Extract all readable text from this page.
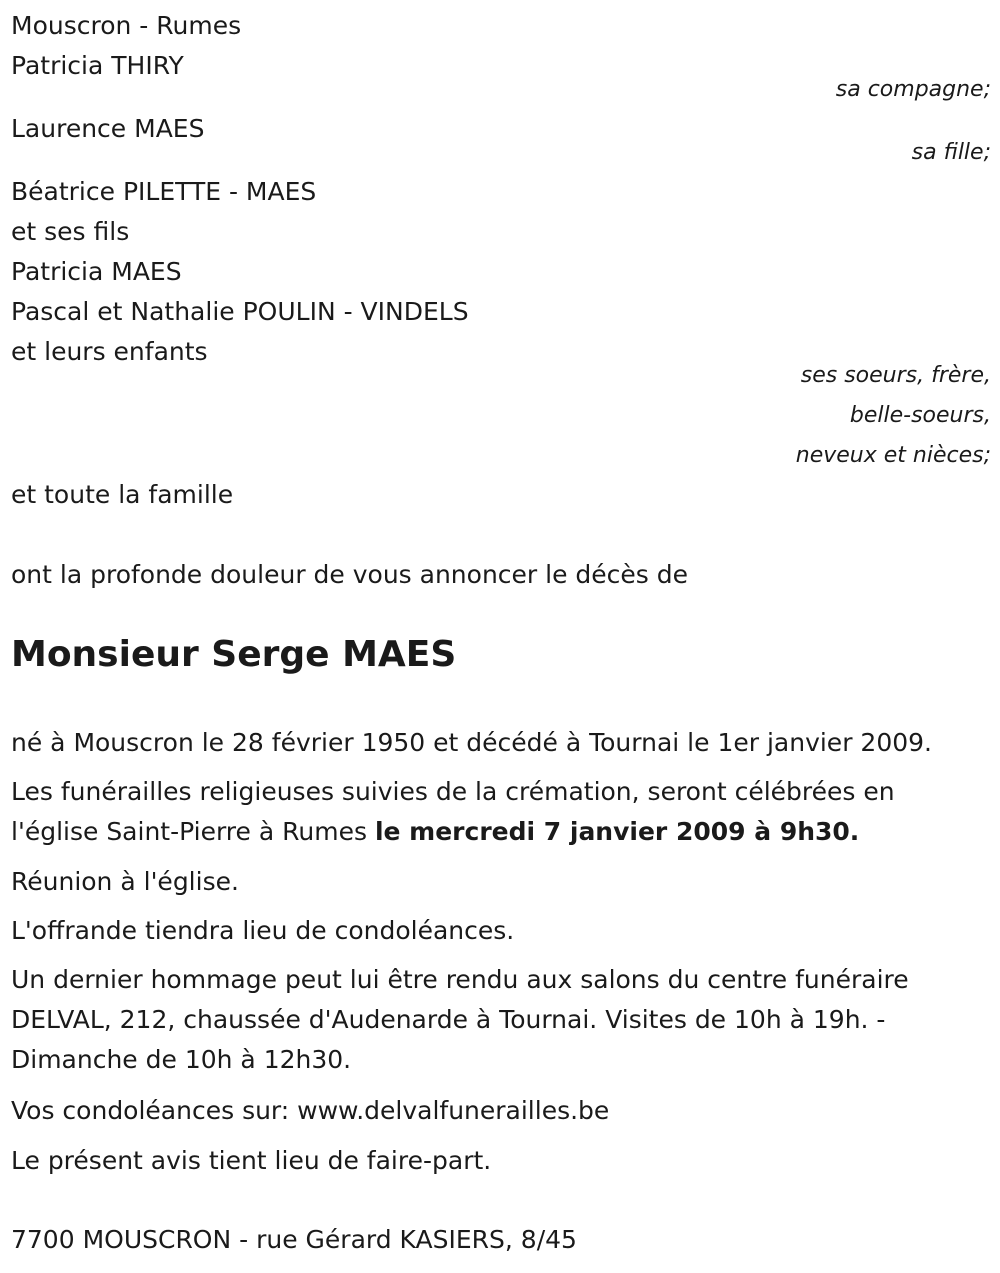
Mouscron - Rumes
Patricia THIRY
sa compagne;
Laurence MAES
sa fille;
Béatrice PILETTE - MAES
et ses fils
Patricia MAES
Pascal et Nathalie POULIN - VINDELS
et leurs enfants
ses soeurs, frère,
belle-soeurs,
neveux et nièces;
et toute la famille
ont la profonde douleur de vous annoncer le décès de
Monsieur Serge MAES
né à Mouscron le 28 février 1950 et décédé à Tournai le 1er janvier 2009.
Les funérailles religieuses suivies de la crémation, seront célébrées en l'église Saint-Pierre à Rumes le mercredi 7 janvier 2009 à 9h30.
Réunion à l'église.
L'offrande tiendra lieu de condoléances.
Un dernier hommage peut lui être rendu aux salons du centre funéraire DELVAL, 212, chaussée d'Audenarde à Tournai. Visites de 10h à 19h. - Dimanche de 10h à 12h30.
Vos condoléances sur: www.delvalfunerailles.be
Le présent avis tient lieu de faire-part.
7700 MOUSCRON - rue Gérard KASIERS, 8/45
